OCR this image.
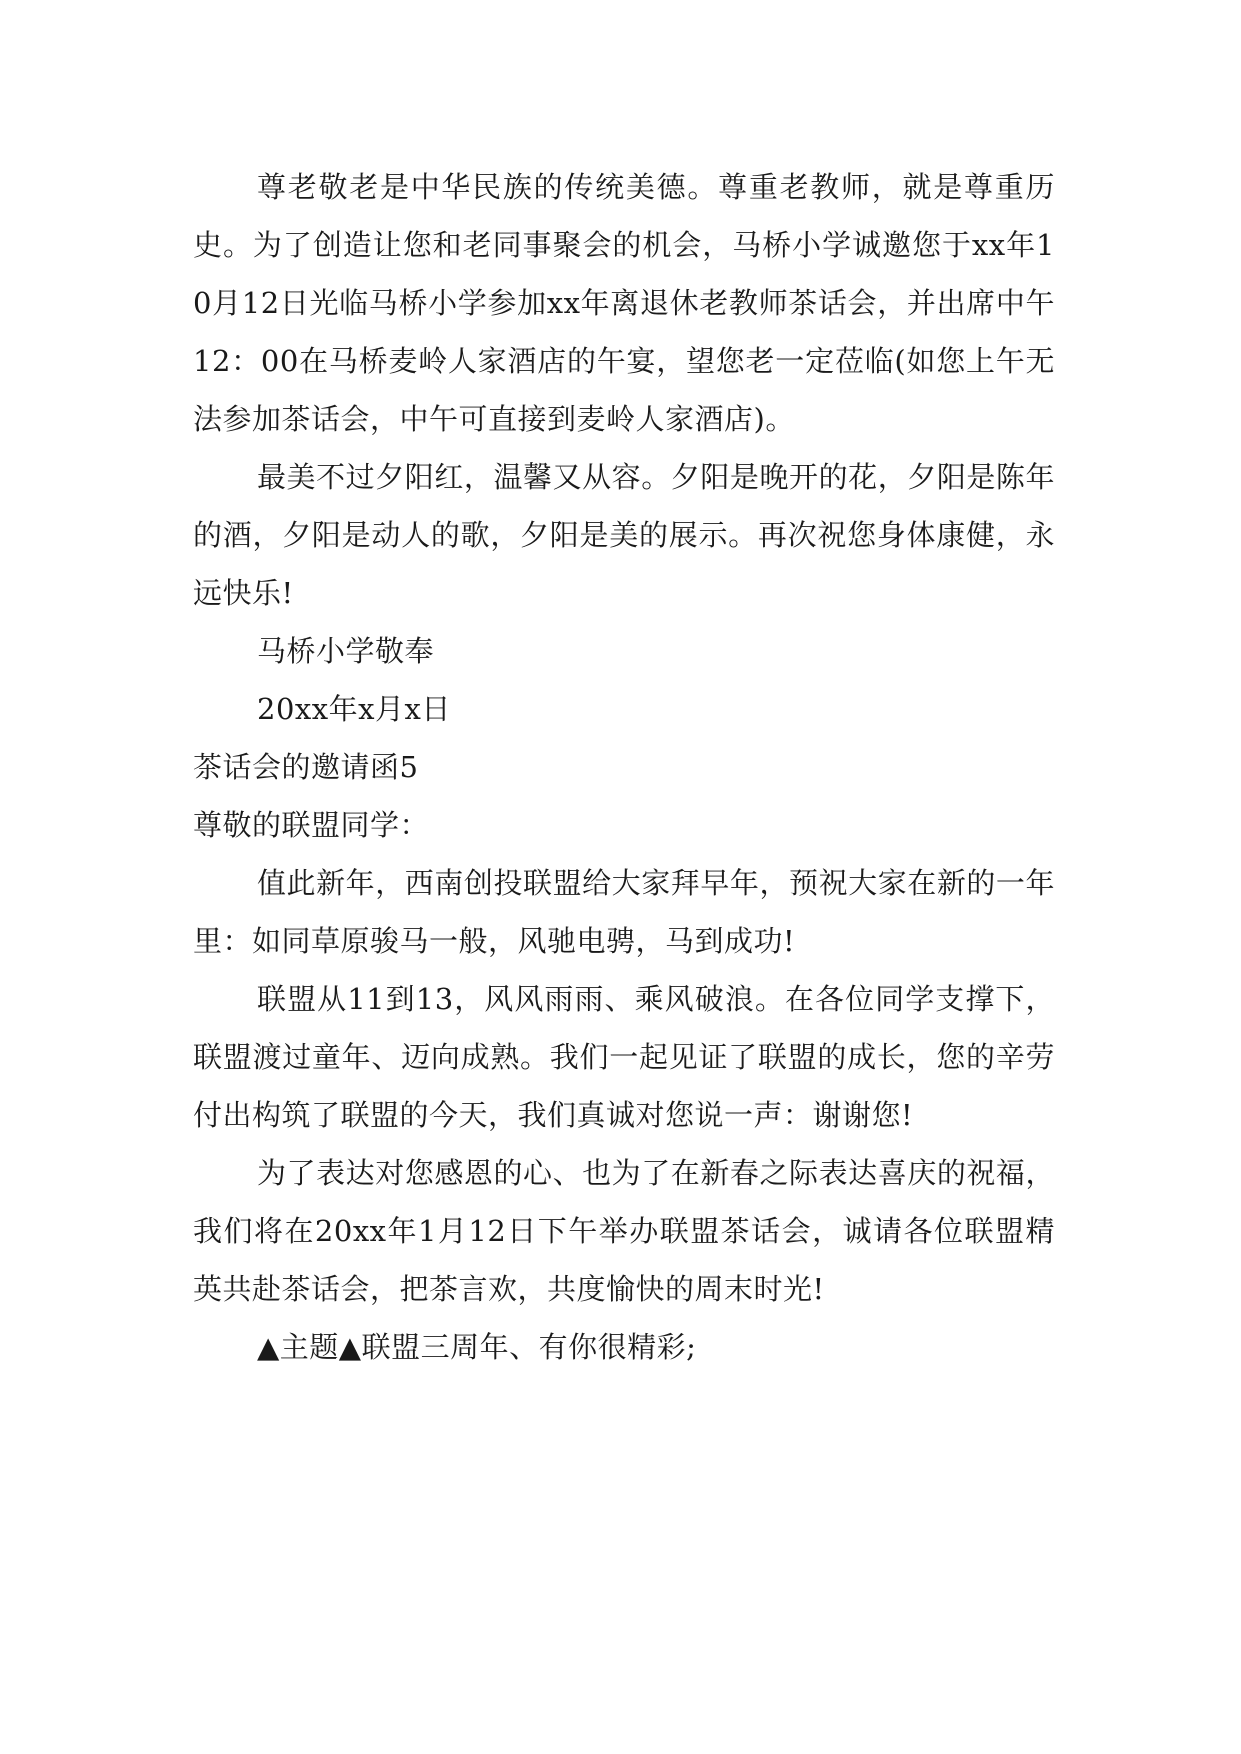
尊老敬老是中华民族的传统美德。尊重老教师，就是尊重历史。为了创造让您和老同事聚会的机会，马桥小学诚邀您于xx年10月12日光临马桥小学参加xx年离退休老教师茶话会，并出席中午12：00在马桥麦岭人家酒店的午宴，望您老一定莅临(如您上午无法参加茶话会，中午可直接到麦岭人家酒店)。

最美不过夕阳红，温馨又从容。夕阳是晚开的花，夕阳是陈年的酒，夕阳是动人的歌，夕阳是美的展示。再次祝您身体康健，永远快乐!

马桥小学敬奉

20xx年x月x日

茶话会的邀请函5

尊敬的联盟同学：

值此新年，西南创投联盟给大家拜早年，预祝大家在新的一年里：如同草原骏马一般，风驰电骋，马到成功!

联盟从11到13，风风雨雨、乘风破浪。在各位同学支撑下，联盟渡过童年、迈向成熟。我们一起见证了联盟的成长，您的辛劳付出构筑了联盟的今天，我们真诚对您说一声：谢谢您!

为了表达对您感恩的心、也为了在新春之际表达喜庆的祝福，我们将在20xx年1月12日下午举办联盟茶话会，诚请各位联盟精英共赴茶话会，把茶言欢，共度愉快的周末时光!

▲主题▲联盟三周年、有你很精彩;
